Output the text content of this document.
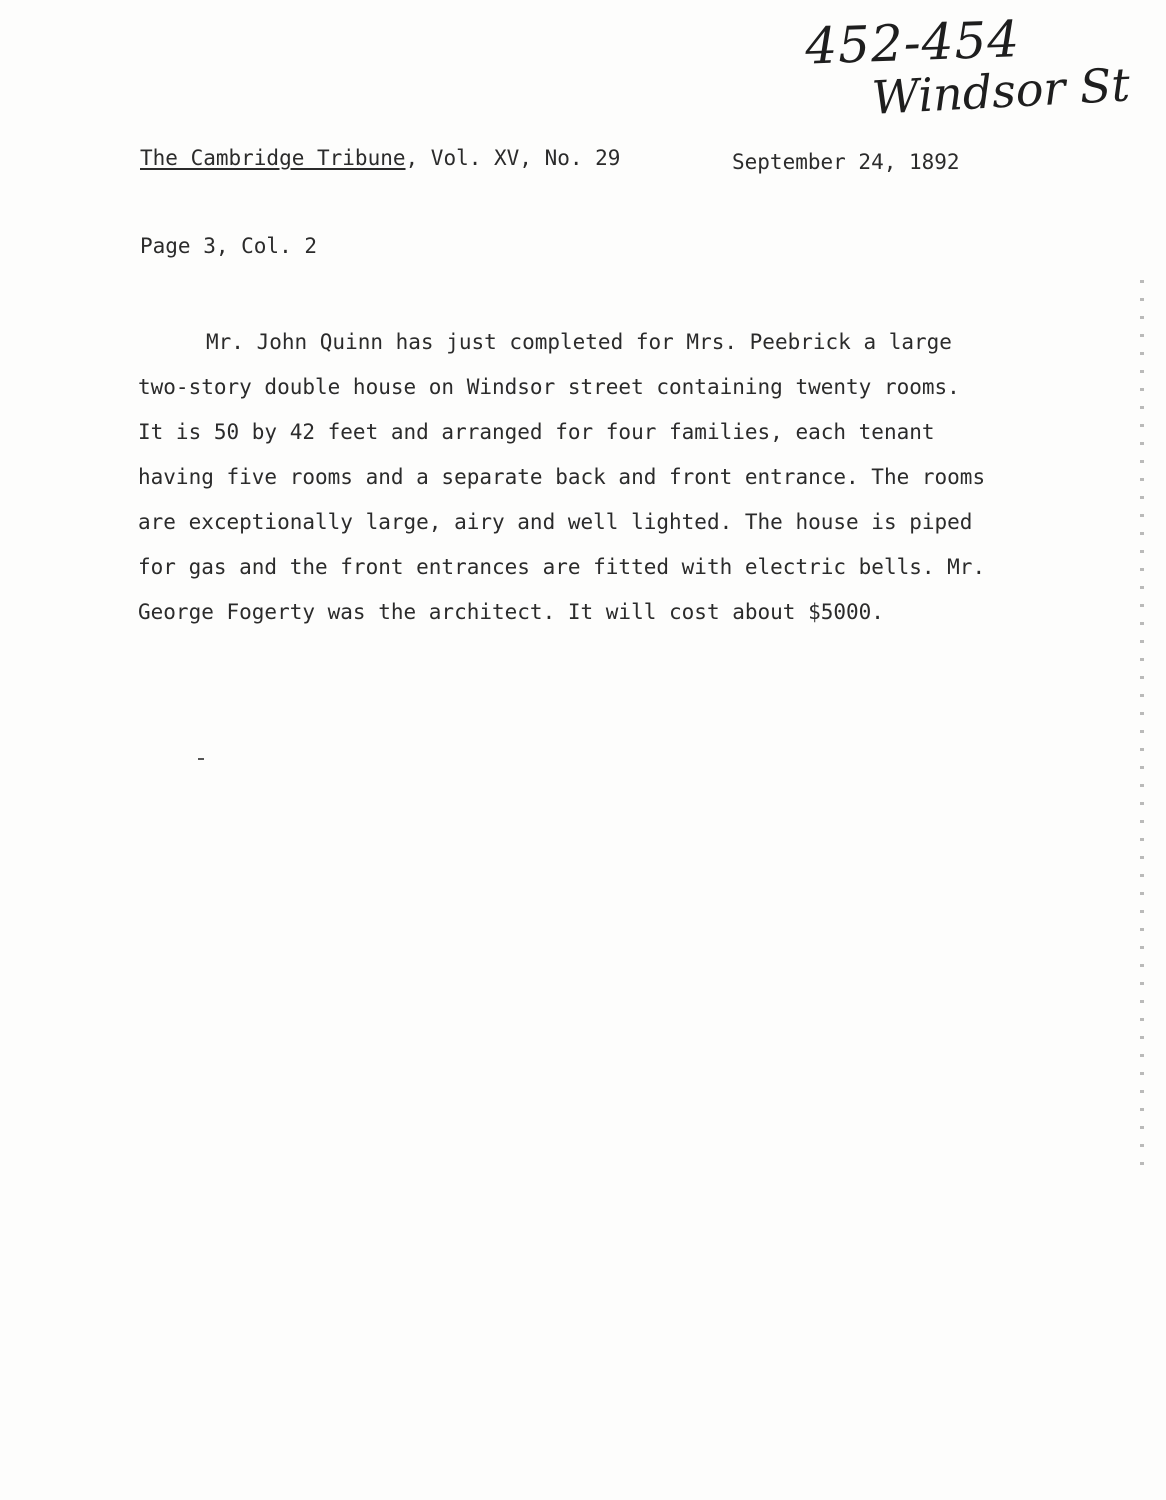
452-454
Windsor St
The Cambridge Tribune, Vol. XV, No. 29	September 24, 1892
Page 3, Col. 2
Mr. John Quinn has just completed for Mrs. Peebrick a large
two-story double house on Windsor street containing twenty rooms.
It is 50 by 42 feet and arranged for four families, each tenant
having five rooms and a separate back and front entrance. The rooms
are exceptionally large, airy and well lighted. The house is piped
for gas and the front entrances are fitted with electric bells. Mr.
George Fogerty was the architect. It will cost about $5000.
